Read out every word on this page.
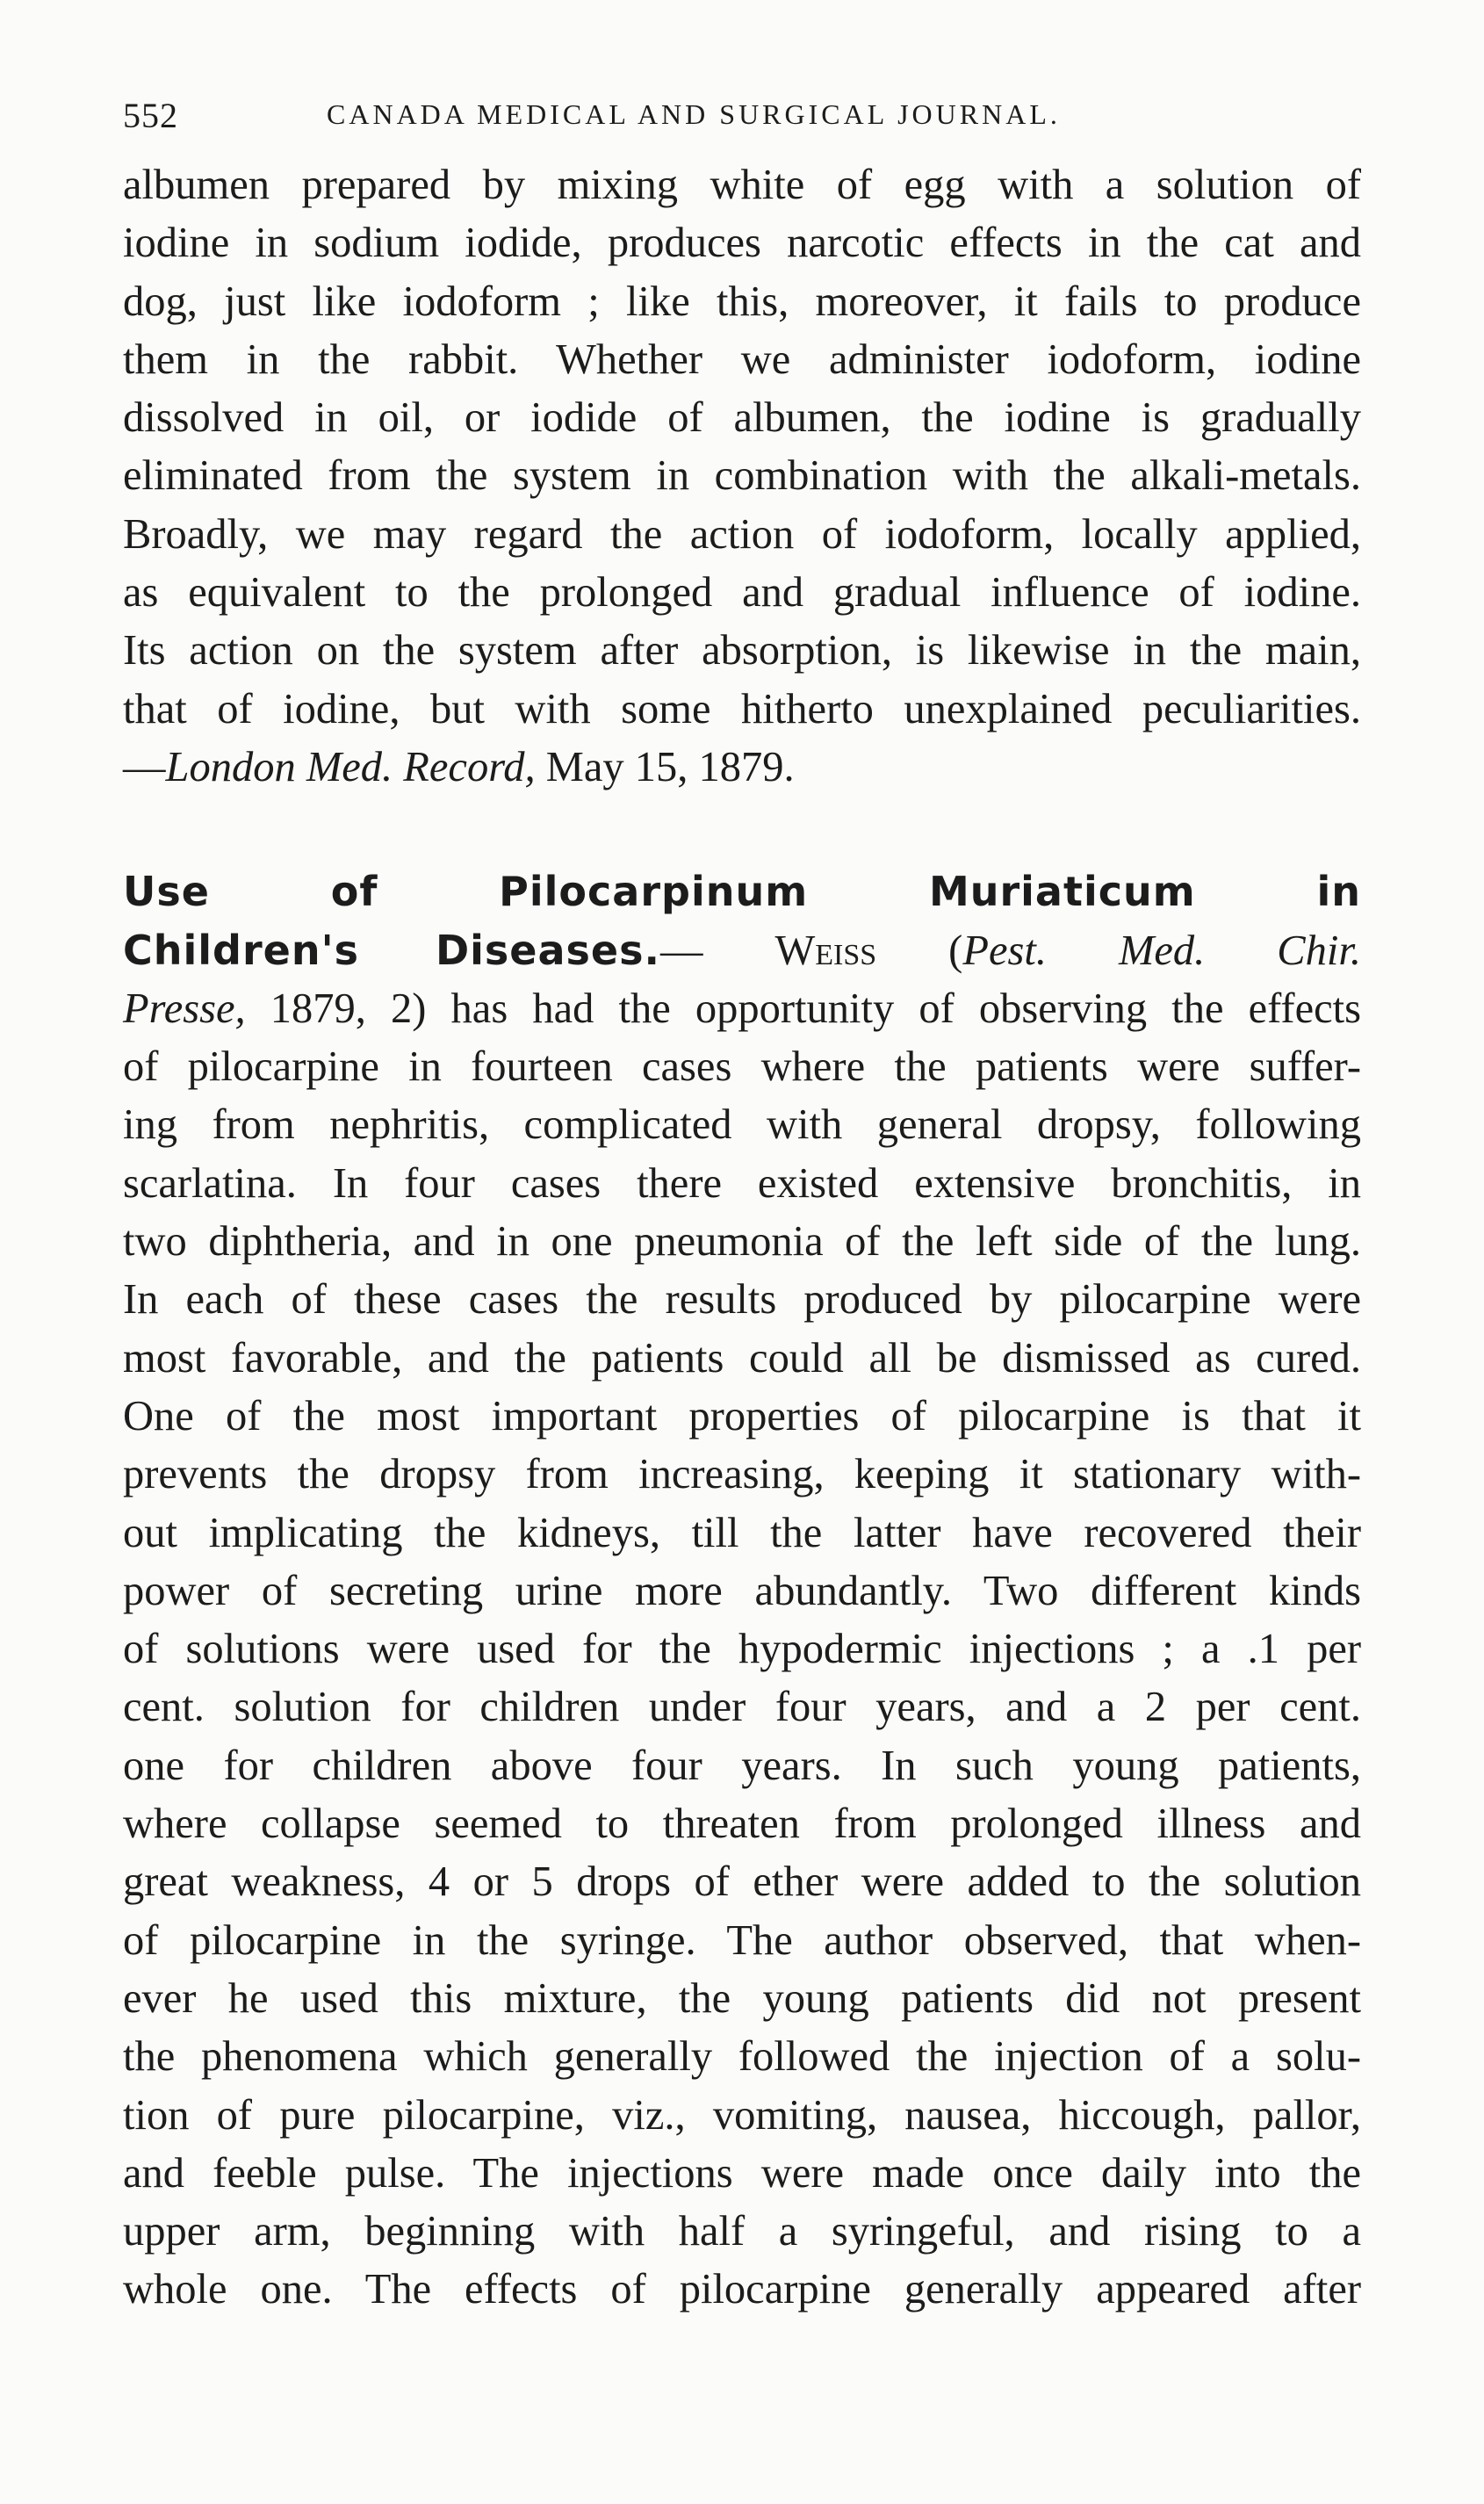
552	CANADA MEDICAL AND SURGICAL JOURNAL.
albumen prepared by mixing white of egg with a solution of
iodine in sodium iodide, produces narcotic effects in the cat and
dog, just like iodoform ; like this, moreover, it fails to produce
them in the rabbit. Whether we administer iodoform, iodine
dissolved in oil, or iodide of albumen, the iodine is gradually
eliminated from the system in combination with the alkali-metals.
Broadly, we may regard the action of iodoform, locally applied,
as equivalent to the prolonged and gradual influence of iodine.
Its action on the system after absorption, is likewise in the main,
that of iodine, but with some hitherto unexplained peculiarities.
—London Med. Record, May 15, 1879.
Use of Pilocarpinum Muriaticum in
Children's Diseases.— Weiss (Pest. Med. Chir.
Presse, 1879, 2) has had the opportunity of observing the effects
of pilocarpine in fourteen cases where the patients were suffer-
ing from nephritis, complicated with general dropsy, following
scarlatina. In four cases there existed extensive bronchitis, in
two diphtheria, and in one pneumonia of the left side of the lung.
In each of these cases the results produced by pilocarpine were
most favorable, and the patients could all be dismissed as cured.
One of the most important properties of pilocarpine is that it
prevents the dropsy from increasing, keeping it stationary with-
out implicating the kidneys, till the latter have recovered their
power of secreting urine more abundantly. Two different kinds
of solutions were used for the hypodermic injections ; a .1 per
cent. solution for children under four years, and a 2 per cent.
one for children above four years. In such young patients,
where collapse seemed to threaten from prolonged illness and
great weakness, 4 or 5 drops of ether were added to the solution
of pilocarpine in the syringe. The author observed, that when-
ever he used this mixture, the young patients did not present
the phenomena which generally followed the injection of a solu-
tion of pure pilocarpine, viz., vomiting, nausea, hiccough, pallor,
and feeble pulse. The injections were made once daily into the
upper arm, beginning with half a syringeful, and rising to a
whole one. The effects of pilocarpine generally appeared after
